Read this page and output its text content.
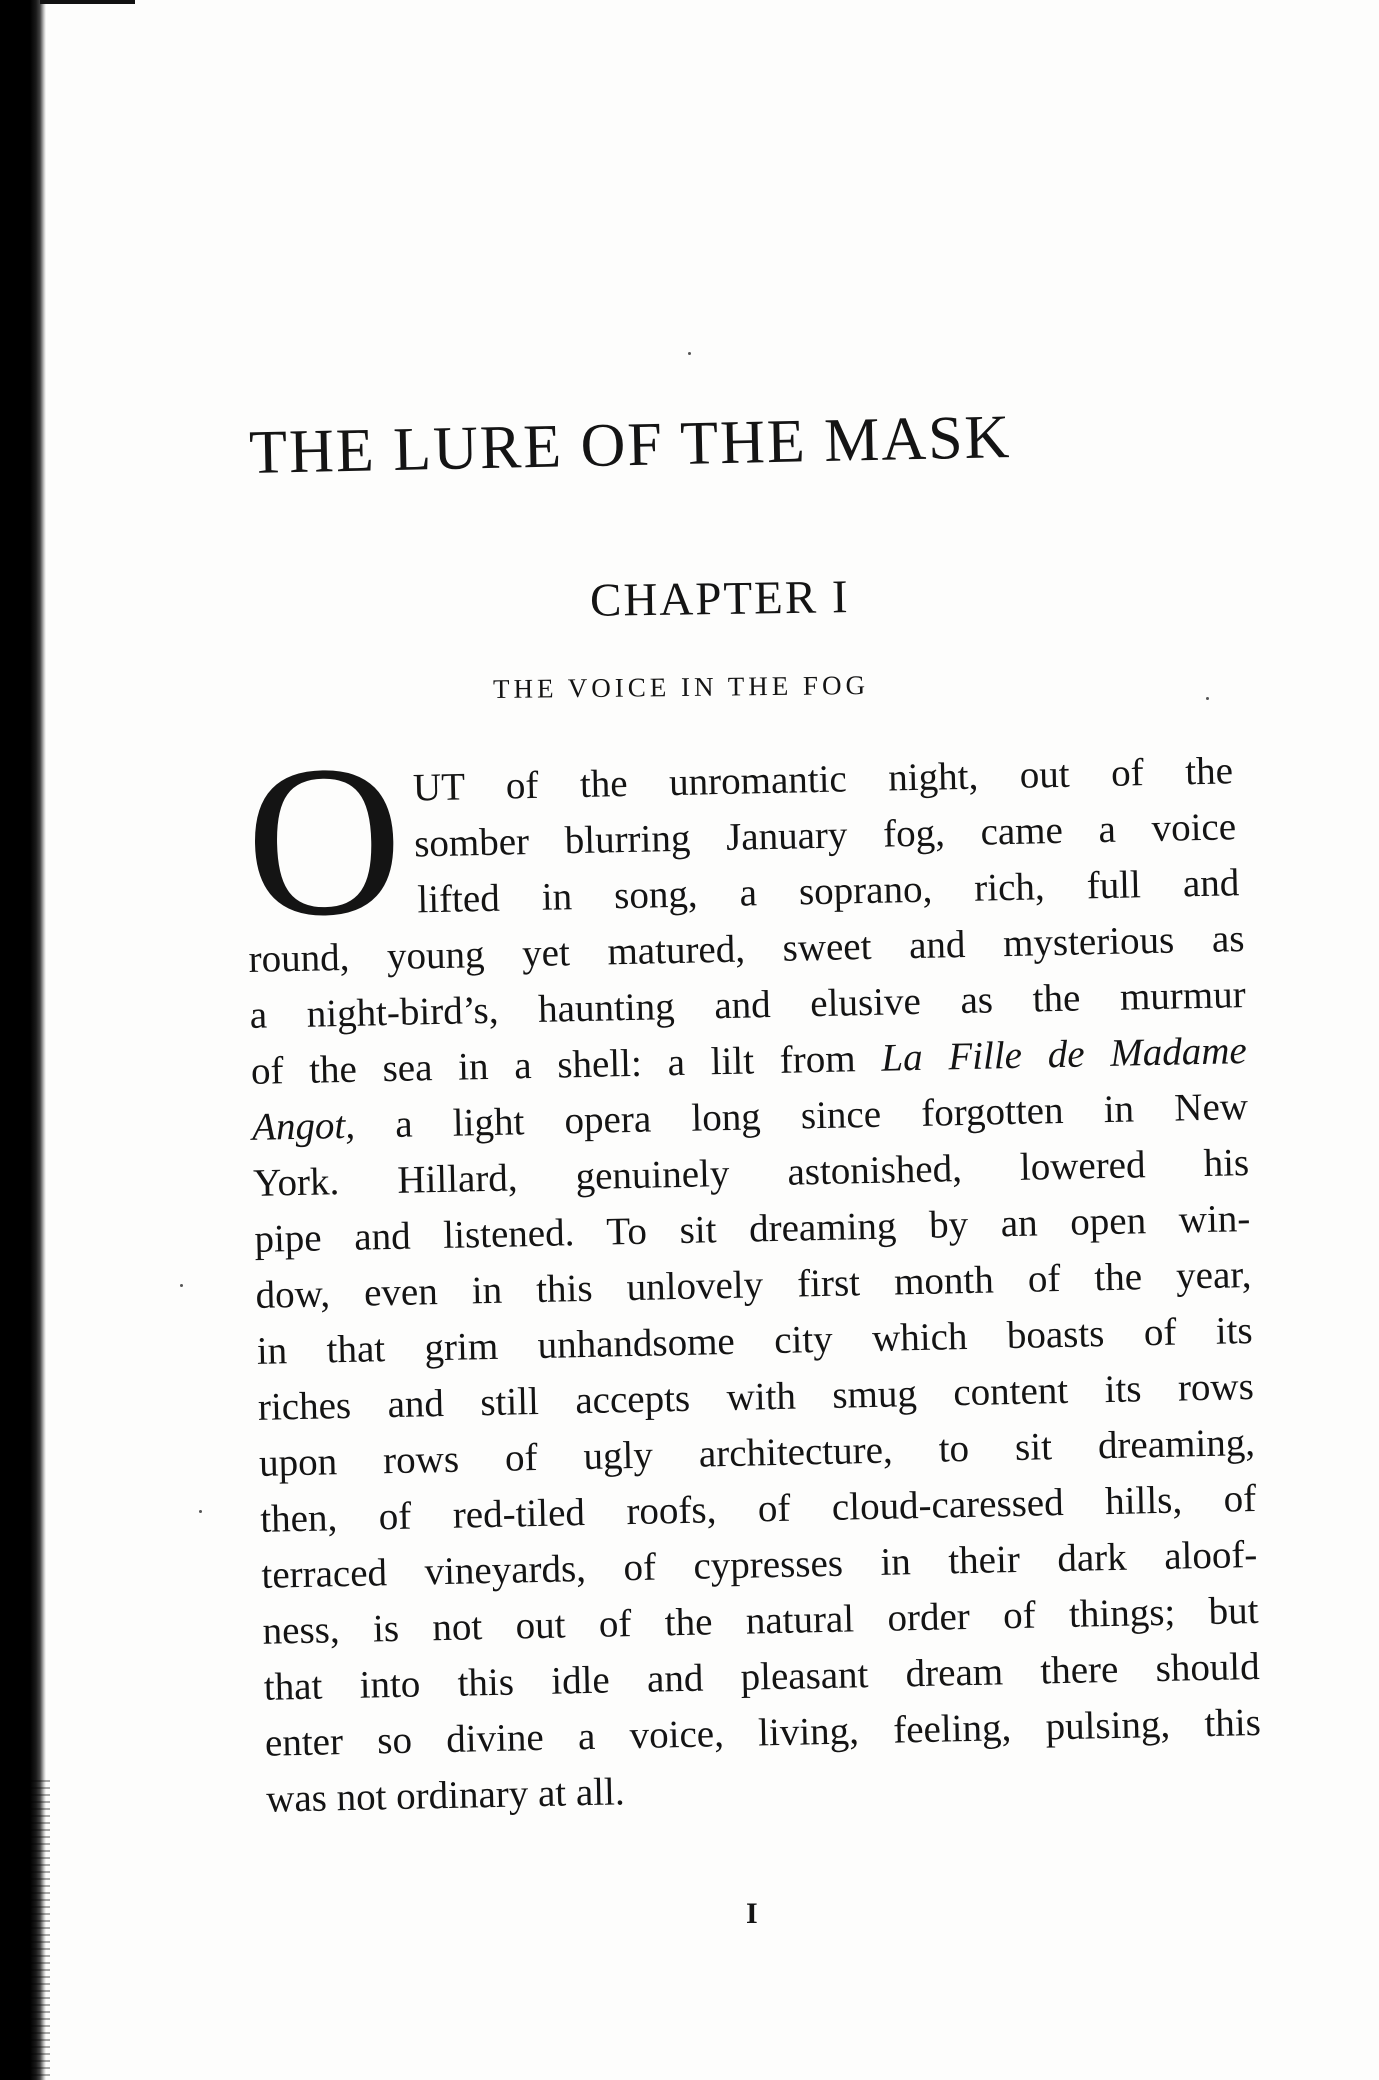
THE LURE OF THE MASK
CHAPTER I
THE VOICE IN THE FOG
O UT of the unromantic night, out of the
somber blurring January fog, came a voice
lifted in song, a soprano, rich, full and
round, young yet matured, sweet and mysterious as
a night-bird’s, haunting and elusive as the murmur
of the sea in a shell: a lilt from La Fille de Madame
Angot, a light opera long since forgotten in New
York. Hillard, genuinely astonished, lowered his
pipe and listened. To sit dreaming by an open win-
dow, even in this unlovely first month of the year,
in that grim unhandsome city which boasts of its
riches and still accepts with smug content its rows
upon rows of ugly architecture, to sit dreaming,
then, of red-tiled roofs, of cloud-caressed hills, of
terraced vineyards, of cypresses in their dark aloof-
ness, is not out of the natural order of things; but
that into this idle and pleasant dream there should
enter so divine a voice, living, feeling, pulsing, this
was not ordinary at all.
I
